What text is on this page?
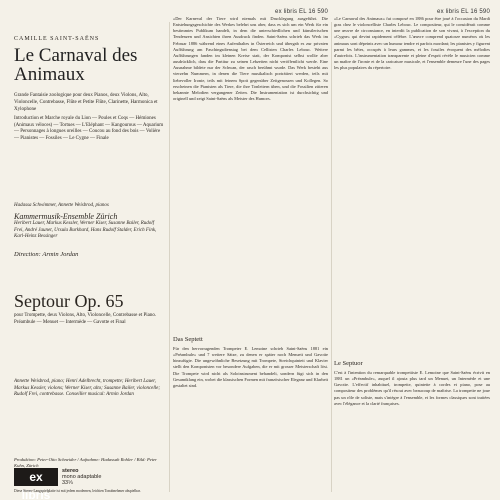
CAMILLE SAINT-SAËNS
Le Carnaval des Animaux
Grande Fantaisie zoologique pour deux Pianos, deux Violons, Alto, Violoncelle, Contrebasse, Flûte et Petite Flûte, Clarinette, Harmonica et Xylophone
Introduction et Marche royale du Lion — Poules et Coqs — Hémiones (Animaux véloces) — Tortues — L'Eléphant — Kangourous — Aquarium — Personnages à longues oreilles — Coucou au fond des bois — Volière — Pianistes — Fossiles — Le Cygne — Finale
Hadassa Schwimmer, Annette Weisbrod, pianos
Kammermusik-Ensemble Zürich
Heribert Lauer, Markus Kessler, Werner Kiser, Susanne Bailer, Rudolf Frei, André Jaunet, Ursula Burkhard, Hans Rudolf Stalder, Erich Fink, Karl-Heinz Bessinger
Direction: Armin Jordan
Septour Op. 65
pour Trompette, deux Violons, Alto, Violoncelle, Contrebasse et Piano. Préambule — Menuet — Intermède — Gavotte et Final
Annette Weisbrod, piano; Henri Adelbrecht, trompette; Heribert Lauer, Markus Kessler, violons; Werner Kiser, alto; Susanne Bailer, violoncelle; Rudolf Frei, contrebasse. Conseiller musical: Armin Jordan
Produktion: Peter-Otto Schneider / Aufnahme: Hadassah Rohler / Bild: Peter Kuhn, Zürich
ex libris
stereo
mono adaptable
33⅓
Diese Stereo-Langspielplatte ist mit jedem modernen, leichten Tonabnehmer abspielbar.
ex libris EL 16 590
«Der Karneval der Tiere wird niemals mit Drucklegung ausgeführt. Die Entstehungsgeschichte des Werkes belehrt uns aber, dass es sich um ein Werk für ein bestimmtes Publikum handelt, in dem die unterschiedlichen und künstlerischen Tendenzen und Ansichten ihren Ausdruck finden. Saint-Saëns schrieb das Werk im Februar 1886 während eines Aufenthaltes in Österreich und übergab es zur privaten Aufführung am Faschingsdienstag bei dem Cellisten Charles Lebouc. Weitere Aufführungen fanden im kleinen Kreise statt, der Komponist selbst wollte aber ausdrücklich, dass die Partitur zu seinen Lebzeiten nicht veröffentlicht werde. Eine Ausnahme bildete nur der Schwan, der rasch berühmt wurde. Das Werk besteht aus vierzehn Nummern, in denen die Tiere musikalisch porträtiert werden, teils mit liebevoller Ironie, teils mit feinem Spott gegenüber Zeitgenossen und Kollegen. So erscheinen die Pianisten als Tiere, die ihre Tonleitern üben, und die Fossilien zitieren bekannte Melodien vergangener Zeiten. Die Instrumentation ist durchsichtig und originell und zeigt Saint-Saëns als Meister des Humors.
Das Septett
Für den hervorragenden Trompeter E. Lemoine schrieb Saint-Saëns 1881 ein «Préambule» und 7 weitere Sätze, zu denen er später noch Menuett und Gavotte hinzufügte. Die ungewöhnliche Besetzung mit Trompete, Streichquintett und Klavier stellt den Komponisten vor besondere Aufgaben, die er mit grosser Meisterschaft löst. Die Trompete wird nicht als Soloinstrument behandelt, sondern fügt sich in den Gesamtklang ein, wobei die klassischen Formen mit französischer Eleganz und Klarheit gestaltet sind.
ex libris EL 16 590
«Le Carnaval des Animaux» fut composé en 1886 pour être joué à l'occasion du Mardi gras chez le violoncelliste Charles Lebouc. Le compositeur, qui le considérait comme une œuvre de circonstance, en interdit la publication de son vivant, à l'exception du «Cygne» qui devint rapidement célèbre. L'œuvre comprend quatorze numéros où les animaux sont dépeints avec un humour tendre et parfois mordant; les pianistes y figurent parmi les bêtes, occupés à leurs gammes, et les fossiles évoquent des mélodies d'autrefois. L'instrumentation transparente et pleine d'esprit révèle le musicien comme un maître de l'ironie et de la caricature musicale, et l'ensemble demeure l'une des pages les plus populaires du répertoire.
Le Septuor
C'est à l'intention du remarquable trompettiste E. Lemoine que Saint-Saëns écrivit en 1881 un «Préambule», auquel il ajouta plus tard un Menuet, un Intermède et une Gavotte. L'effectif inhabituel, trompette, quintette à cordes et piano, pose au compositeur des problèmes qu'il résout avec beaucoup de maîtrise. La trompette ne joue pas un rôle de soliste, mais s'intègre à l'ensemble, et les formes classiques sont traitées avec l'élégance et la clarté françaises.
